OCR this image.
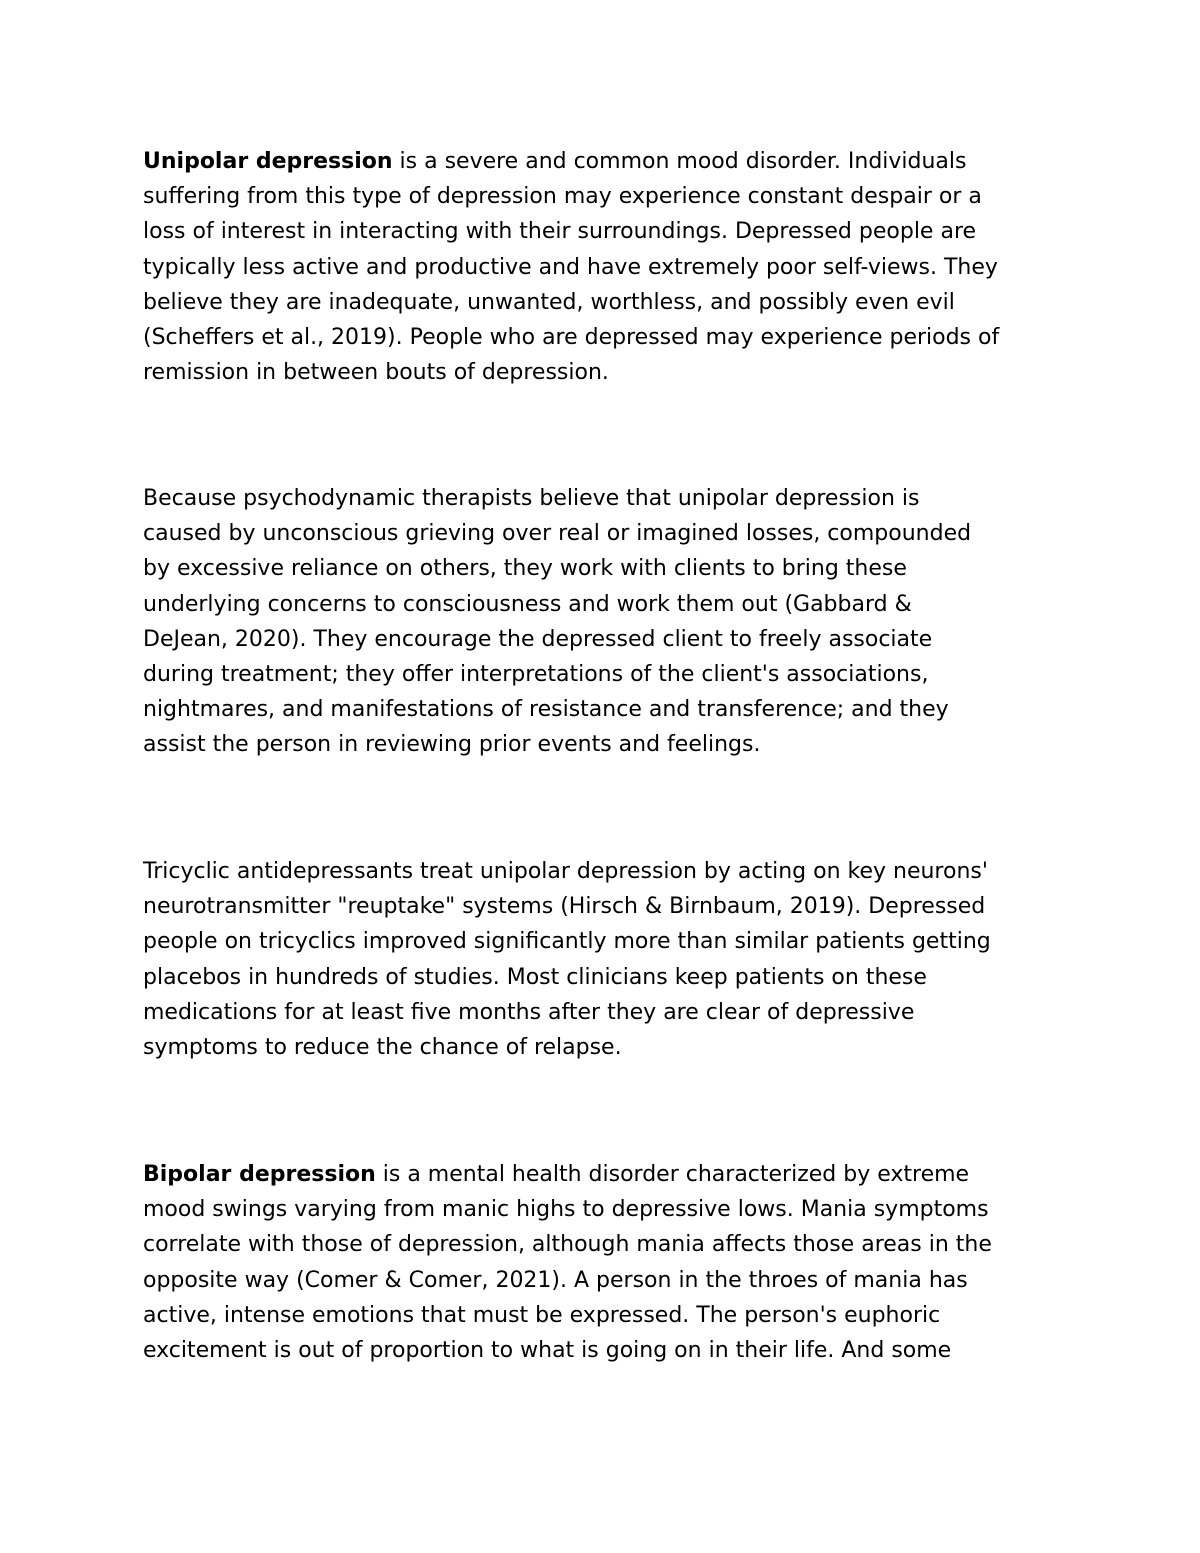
Unipolar depression is a severe and common mood disorder. Individuals
suffering from this type of depression may experience constant despair or a
loss of interest in interacting with their surroundings. Depressed people are
typically less active and productive and have extremely poor self-views. They
believe they are inadequate, unwanted, worthless, and possibly even evil
(Scheffers et al., 2019). People who are depressed may experience periods of
remission in between bouts of depression.

Because psychodynamic therapists believe that unipolar depression is
caused by unconscious grieving over real or imagined losses, compounded
by excessive reliance on others, they work with clients to bring these
underlying concerns to consciousness and work them out (Gabbard &
DeJean, 2020). They encourage the depressed client to freely associate
during treatment; they offer interpretations of the client's associations,
nightmares, and manifestations of resistance and transference; and they
assist the person in reviewing prior events and feelings.

Tricyclic antidepressants treat unipolar depression by acting on key neurons'
neurotransmitter "reuptake" systems (Hirsch & Birnbaum, 2019). Depressed
people on tricyclics improved significantly more than similar patients getting
placebos in hundreds of studies. Most clinicians keep patients on these
medications for at least five months after they are clear of depressive
symptoms to reduce the chance of relapse.

Bipolar depression is a mental health disorder characterized by extreme
mood swings varying from manic highs to depressive lows. Mania symptoms
correlate with those of depression, although mania affects those areas in the
opposite way (Comer & Comer, 2021). A person in the throes of mania has
active, intense emotions that must be expressed. The person's euphoric
excitement is out of proportion to what is going on in their life. And some
